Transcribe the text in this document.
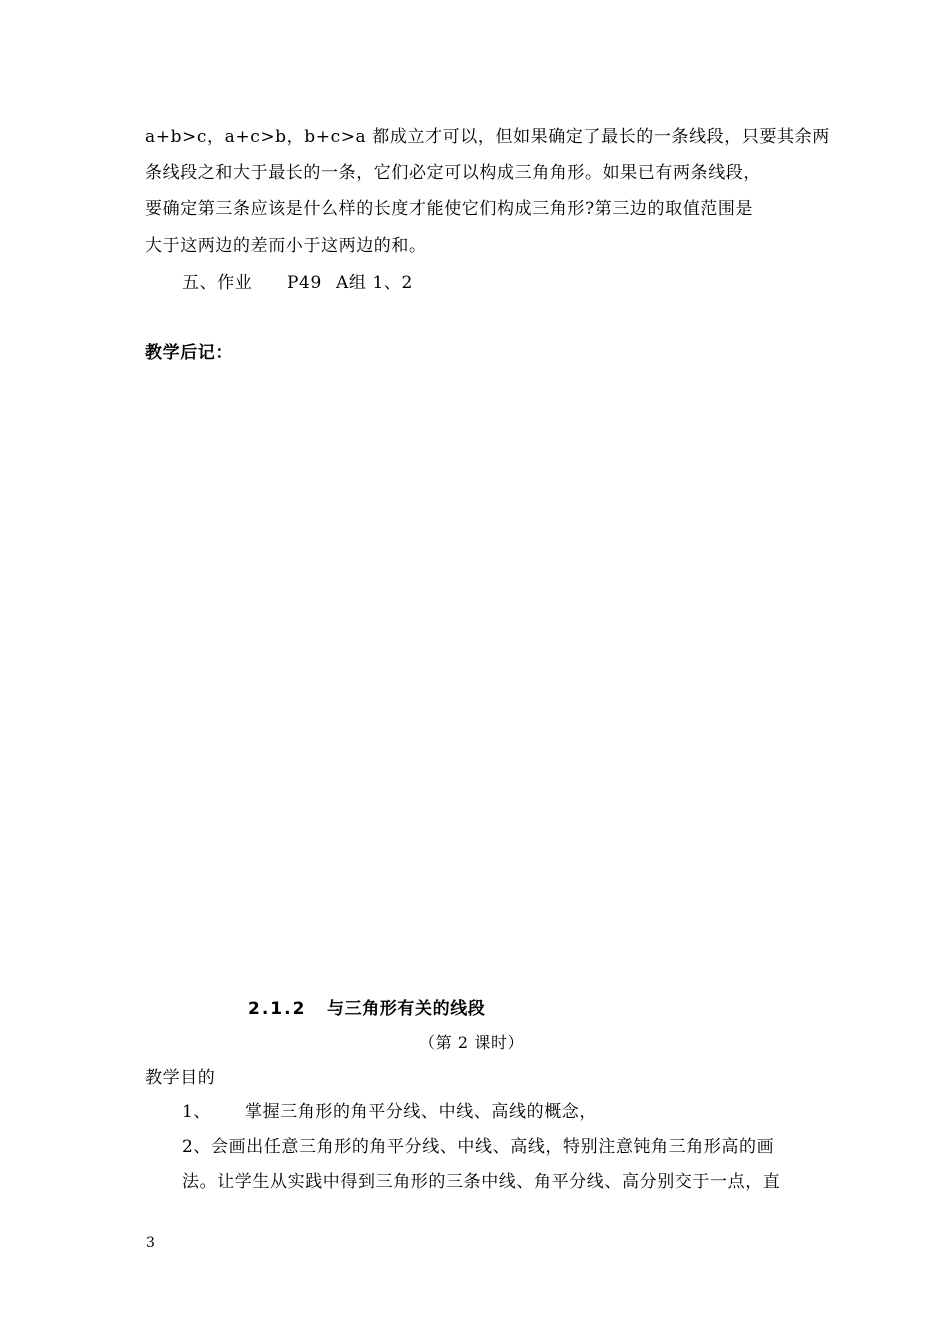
a+b>c，a+c>b，b+c>a 都成立才可以，但如果确定了最长的一条线段，只要其余两
条线段之和大于最长的一条，它们必定可以构成三角角形。如果已有两条线段，
要确定第三条应该是什么样的长度才能使它们构成三角形?第三边的取值范围是
大于这两边的差而小于这两边的和。
五、作业 P49 A组 1、2
教学后记：
2.1.2 与三角形有关的线段
（第 2 课时）
教学目的
1、 掌握三角形的角平分线、中线、高线的概念，
2、会画出任意三角形的角平分线、中线、高线，特别注意钝角三角形高的画
法。让学生从实践中得到三角形的三条中线、角平分线、高分别交于一点，直
3
